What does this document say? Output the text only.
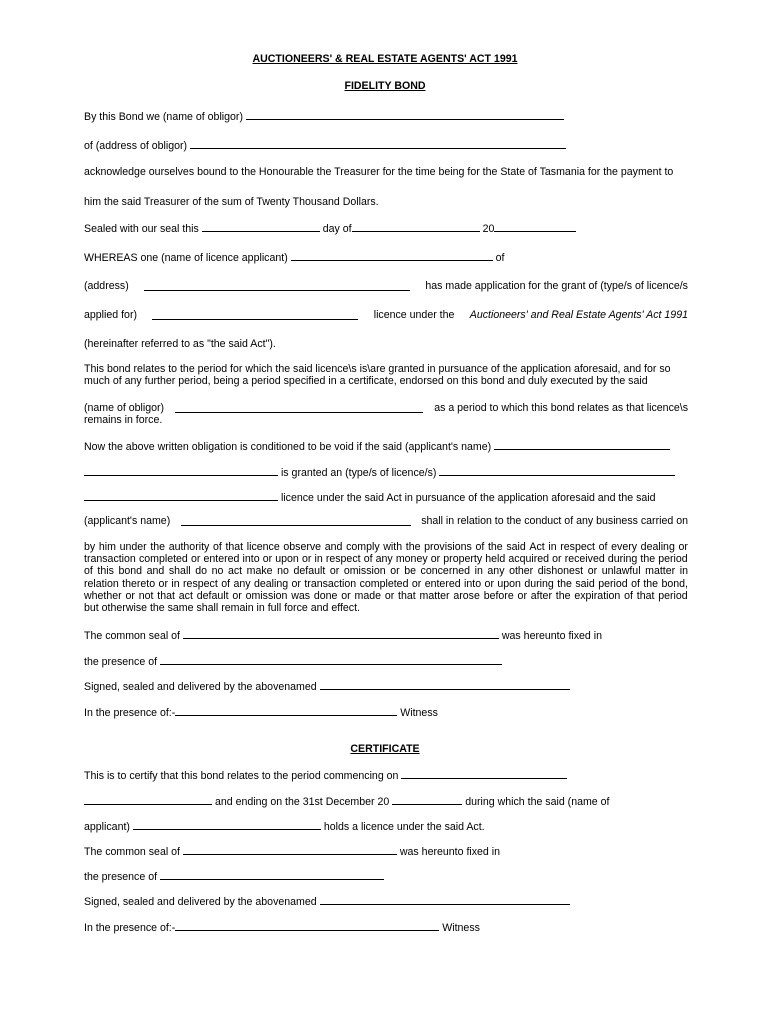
AUCTIONEERS' & REAL ESTATE AGENTS' ACT 1991
FIDELITY BOND
By this Bond we (name of obligor)
of (address of obligor)
acknowledge ourselves bound to the Honourable the Treasurer for the time being for the State of Tasmania for the payment to
him the said Treasurer of the sum of Twenty Thousand Dollars.
Sealed with our seal this	day of	20
WHEREAS one (name of licence applicant)	of
(address)	has made application for the grant of (type/s of licence/s
applied for)	licence under the Auctioneers' and Real Estate Agents' Act 1991
(hereinafter referred to as "the said Act").
This bond relates to the period for which the said licence\s is\are granted in pursuance of the application aforesaid, and for so
much of any further period, being a period specified in a certificate, endorsed on this bond and duly executed by the said
(name of obligor)	as a period to which this bond relates as that licence\s
remains in force.
Now the above written obligation is conditioned to be void if the said (applicant's name)
is granted an (type/s of licence/s)
licence under the said Act in pursuance of the application aforesaid and the said
(applicant's name)	shall in relation to the conduct of any business carried on
by him under the authority of that licence observe and comply with the provisions of the said Act in respect of every dealing or
transaction completed or entered into or upon or in respect of any money or property held acquired or received during the period
of this bond and shall do no act make no default or omission or be concerned in any other dishonest or unlawful matter in
relation thereto or in respect of any dealing or transaction completed or entered into or upon during the said period of the bond,
whether or not that act default or omission was done or made or that matter arose before or after the expiration of that period
but otherwise the same shall remain in full force and effect.
The common seal of	was hereunto fixed in
the presence of
Signed, sealed and delivered by the abovenamed
In the presence of:-	Witness
CERTIFICATE
This is to certify that this bond relates to the period commencing on
and ending on the 31st December 20	during which the said (name of
applicant)	holds a licence under the said Act.
The common seal of	was hereunto fixed in
the presence of
Signed, sealed and delivered by the abovenamed
In the presence of:-	Witness
